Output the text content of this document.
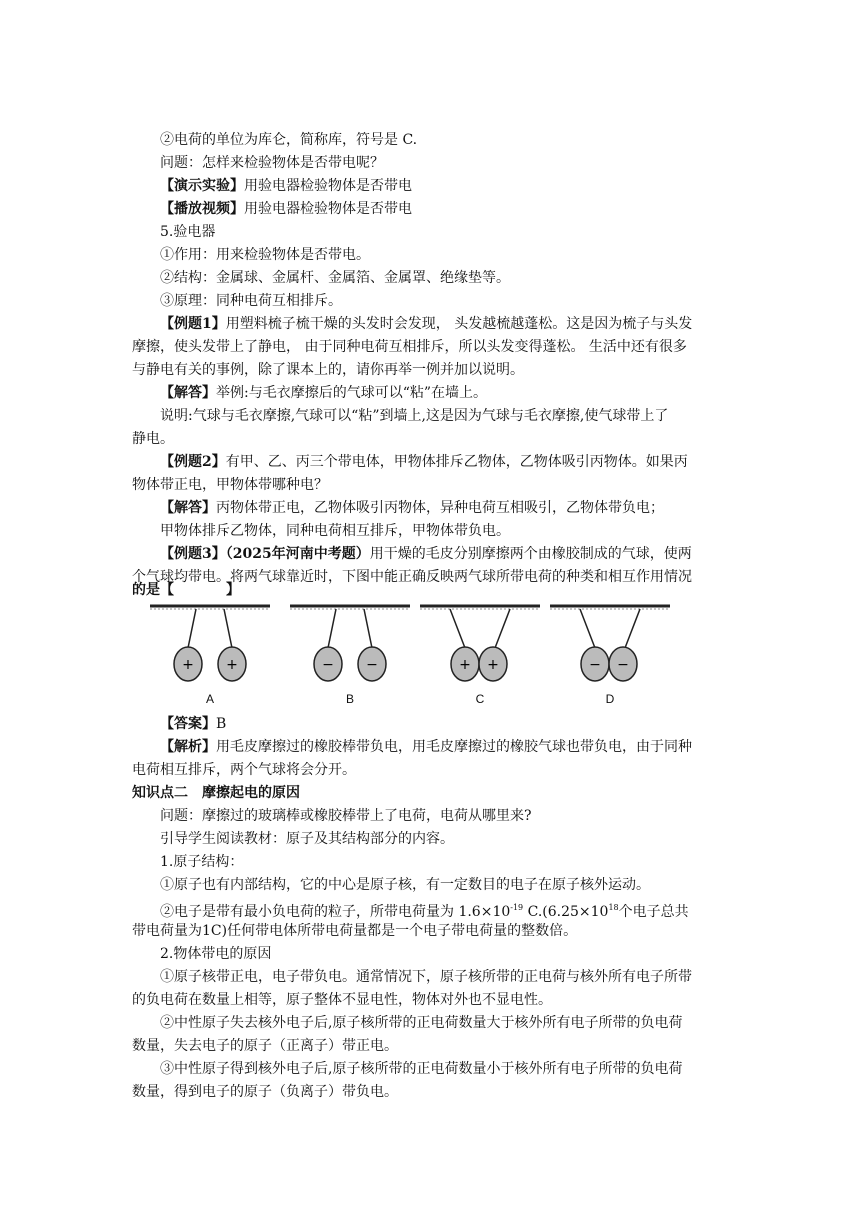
②电荷的单位为库仑，简称库，符号是 C.
问题：怎样来检验物体是否带电呢？
【演示实验】用验电器检验物体是否带电
【播放视频】用验电器检验物体是否带电
5.验电器
①作用：用来检验物体是否带电。
②结构：金属球、金属杆、金属箔、金属罩、绝缘垫等。
③原理：同种电荷互相排斥。
【例题1】用塑料梳子梳干燥的头发时会发现， 头发越梳越蓬松。这是因为梳子与头发
摩擦，使头发带上了静电， 由于同种电荷互相排斥，所以头发变得蓬松。 生活中还有很多
与静电有关的事例，除了课本上的，请你再举一例并加以说明。
【解答】举例:与毛衣摩擦后的气球可以“粘”在墙上。
说明:气球与毛衣摩擦,气球可以“粘”到墙上,这是因为气球与毛衣摩擦,使气球带上了
静电。
【例题2】有甲、乙、丙三个带电体，甲物体排斥乙物体，乙物体吸引丙物体。如果丙
物体带正电，甲物体带哪种电？
【解答】丙物体带正电，乙物体吸引丙物体，异种电荷互相吸引，乙物体带负电；
甲物体排斥乙物体，同种电荷相互排斥，甲物体带负电。
【例题3】（2025年河南中考题）用干燥的毛皮分别摩擦两个由橡胶制成的气球，使两
个气球均带电。将两气球靠近时，下图中能正确反映两气球所带电荷的种类和相互作用情况
的是【	】
+ +
A
− −
B
+ +
C
− −
D
【答案】B
【解析】用毛皮摩擦过的橡胶棒带负电，用毛皮摩擦过的橡胶气球也带负电，由于同种
电荷相互排斥，两个气球将会分开。
知识点二　摩擦起电的原因
问题：摩擦过的玻璃棒或橡胶棒带上了电荷，电荷从哪里来?
引导学生阅读教材：原子及其结构部分的内容。
1.原子结构：
①原子也有内部结构，它的中心是原子核，有一定数目的电子在原子核外运动。
②电子是带有最小负电荷的粒子，所带电荷量为 $1.6\times 10^{-19}$ $C.(6.25\times 10^{18}$个电子总共
带电荷量为1C)任何带电体所带电荷量都是一个电子带电荷量的整数倍。
2.物体带电的原因
①原子核带正电，电子带负电。通常情况下，原子核所带的正电荷与核外所有电子所带
的负电荷在数量上相等，原子整体不显电性，物体对外也不显电性。
②中性原子失去核外电子后,原子核所带的正电荷数量大于核外所有电子所带的负电荷
数量，失去电子的原子（正离子）带正电。
③中性原子得到核外电子后,原子核所带的正电荷数量小于核外所有电子所带的负电荷
数量，得到电子的原子（负离子）带负电。
